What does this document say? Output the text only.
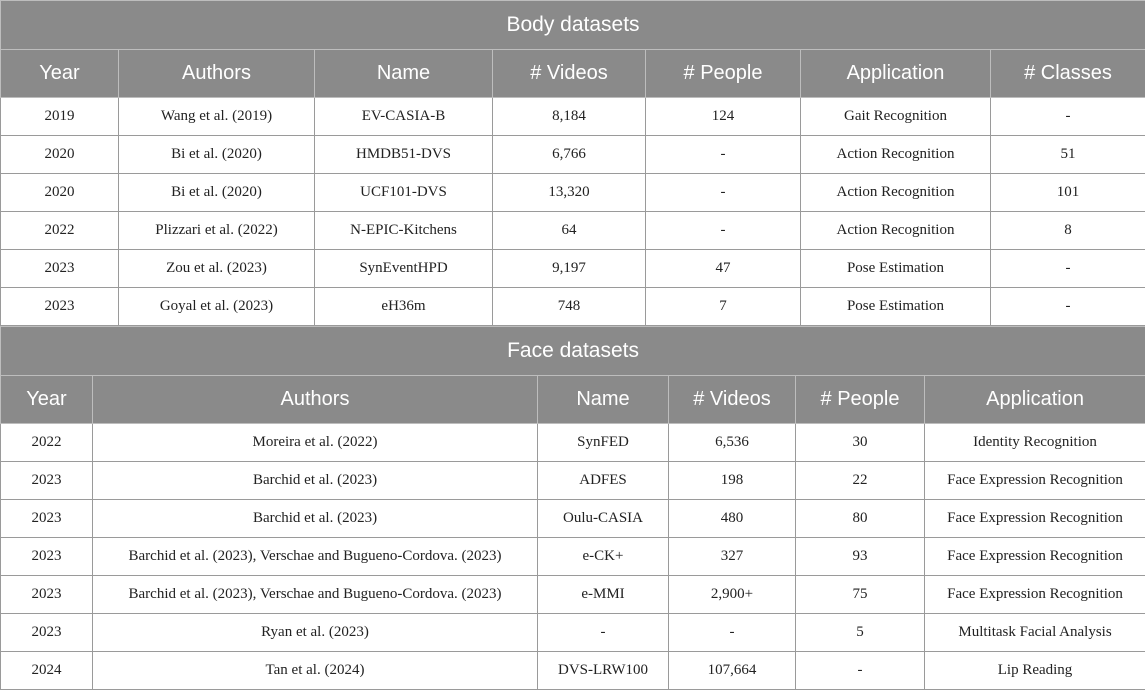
Body datasets						
Year	Authors	Name	# Videos	# People	Application	# Classes
2019	Wang et al. (2019)	EV-CASIA-B	8,184	124	Gait Recognition	-
2020	Bi et al. (2020)	HMDB51-DVS	6,766	-	Action Recognition	51
2020	Bi et al. (2020)	UCF101-DVS	13,320	-	Action Recognition	101
2022	Plizzari et al. (2022)	N-EPIC-Kitchens	64	-	Action Recognition	8
2023	Zou et al. (2023)	SynEventHPD	9,197	47	Pose Estimation	-
2023	Goyal et al. (2023)	eH36m	748	7	Pose Estimation	-
Face datasets					
Year	Authors	Name	# Videos	# People	Application
2022	Moreira et al. (2022)	SynFED	6,536	30	Identity Recognition
2023	Barchid et al. (2023)	ADFES	198	22	Face Expression Recognition
2023	Barchid et al. (2023)	Oulu-CASIA	480	80	Face Expression Recognition
2023	Barchid et al. (2023), Verschae and Bugueno-Cordova. (2023)	e-CK+	327	93	Face Expression Recognition
2023	Barchid et al. (2023), Verschae and Bugueno-Cordova. (2023)	e-MMI	2,900+	75	Face Expression Recognition
2023	Ryan et al. (2023)	-	-	5	Multitask Facial Analysis
2024	Tan et al. (2024)	DVS-LRW100	107,664	-	Lip Reading
